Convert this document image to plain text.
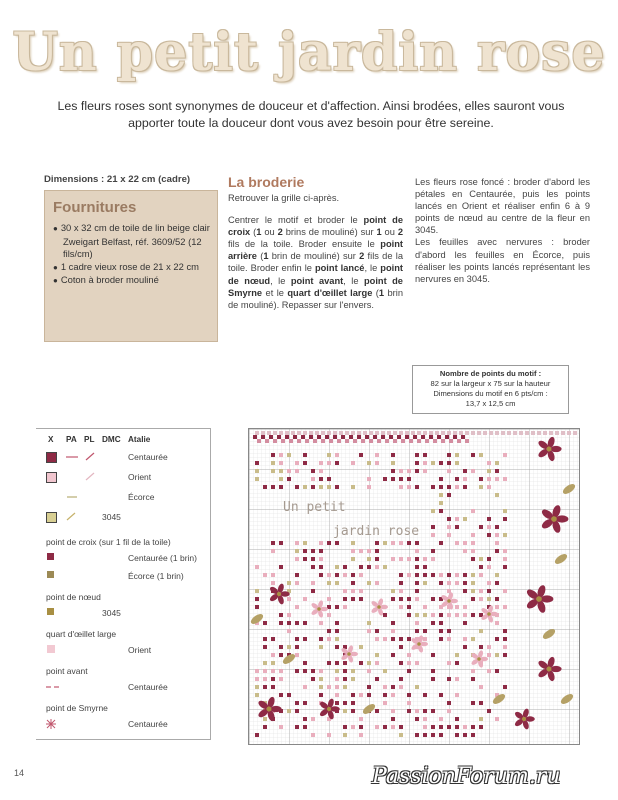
Un petit jardin rose
Les fleurs roses sont synonymes de douceur et d'affection. Ainsi brodées, elles sauront vous apporter toute la douceur dont vous avez besoin pour être sereine.
Dimensions : 21 x 22 cm (cadre)
Fournitures
● 30 x 32 cm de toile de lin beige clair Zweigart Belfast, réf. 3609/52 (12 fils/cm)
● 1 cadre vieux rose de 21 x 22 cm
● Coton à broder mouliné
La broderie

Retrouver la grille ci-après.

Centrer le motif et broder le point de croix (1 ou 2 brins de mouliné) sur 1 ou 2 fils de la toile. Broder ensuite le point arrière (1 brin de mouliné) sur 2 fils de la toile. Broder enfin le point lancé, le point de nœud, le point avant, le point de Smyrne et le quart d'œillet large (1 brin de mouliné). Repasser sur l'envers.

Les fleurs rose foncé : broder d'abord les pétales en Centaurée, puis les points lancés en Orient et réaliser enfin 6 à 9 points de nœud au centre de la fleur en 3045.

Les feuilles avec nervures : broder d'abord les feuilles en Écorce, puis réaliser les points lancés représentant les nervures en 3045.

Nombre de points du motif :
82 sur la largeur x 75 sur la hauteur
Dimensions du motif en 6 pts/cm :
13,7 x 12,5 cm
X PA PL DMC Atalie
Centaurée
Orient
Écorce
3045
point de croix (sur 1 fil de la toile)
Centaurée (1 brin)
Écorce (1 brin)
point de nœud
3045
quart d'œillet large
Orient
point avant
Centaurée
point de Smyrne
Centaurée
Un petit
jardin rose
14	PassionForum.ru
